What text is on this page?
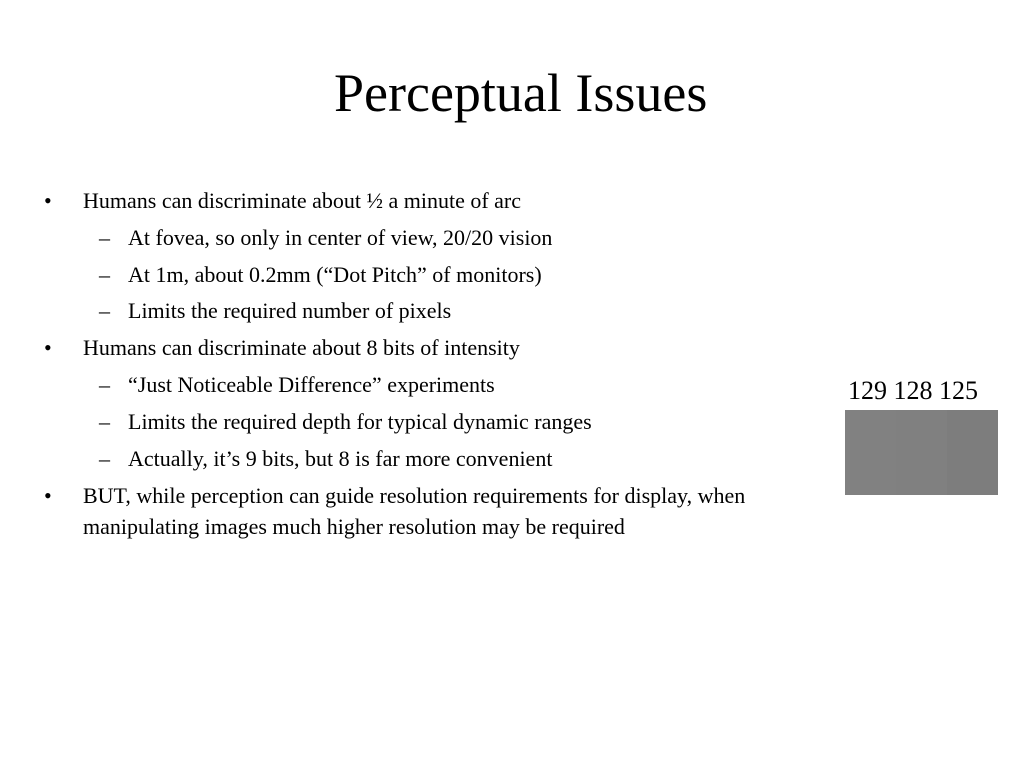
Perceptual Issues
• Humans can discriminate about ½ a minute of arc
– At fovea, so only in center of view, 20/20 vision
– At 1m, about 0.2mm (“Dot Pitch” of monitors)
– Limits the required number of pixels
• Humans can discriminate about 8 bits of intensity
– “Just Noticeable Difference” experiments
– Limits the required depth for typical dynamic ranges
– Actually, it’s 9 bits, but 8 is far more convenient
• BUT, while perception can guide resolution requirements for display, when
manipulating images much higher resolution may be required
129 128 125
